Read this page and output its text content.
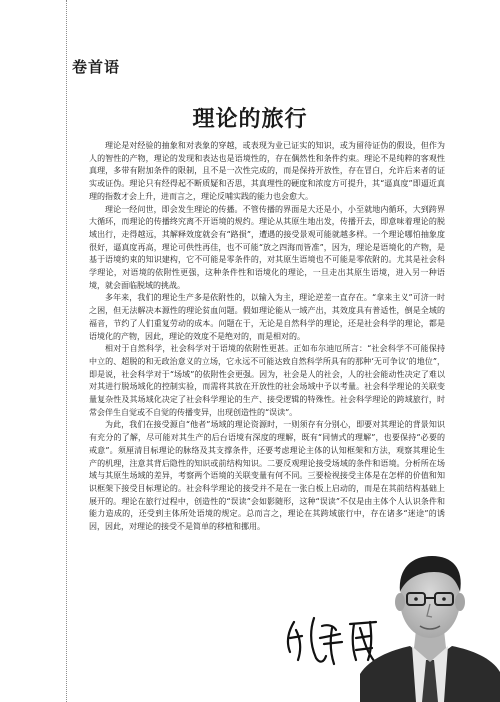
卷首语
理论的旅行

理论是对经验的抽象和对表象的穿越，或表现为业已证实的知识，或为留待证伪的假设，但作为人的智性的产物，理论的发现和表达也是语境性的，存在偶然性和条件约束。理论不是纯粹的客观性真理，多带有附加条件的限制，且不是一次性完成的，而是保持开放性，存在冒白，允许后来者的证实或证伪。理论只有经得起不断质疑和否思，其真理性的硬度和浓度方可提升，其“逼真度”即逼近真理的指数才会上升，进而言之，理论反哺实践的能力也会愈大。

理论一经问世，即会发生理论的传播。不管传播的界面是大还是小，小至就地内循环，大到跨界大循环，而理论的传播终究离不开语境的规约。理论从其原生地出发，传播开去，即意味着理论的脱域出行，走得越远，其解释效度就会有“路损”，遭遇的接受景观可能就越多样。一个理论哪怕抽象度很好，逼真度再高，理论可供性再佳，也不可能“放之四海而皆准”，因为，理论是语境化的产物，是基于语境約束的知识建构，它不可能是零条件的，对其原生语境也不可能是零依附的。尤其是社会科学理论，对语境的依附性更强，这种条件性和语境化的理论，一旦走出其原生语境，进入另一种语境，就会面临脱域的挑战。

多年来，我们的理论生产多是依附性的，以输入为主，理论逆差一直存在。“拿来主义”可济一时之困，但无法解决本源性的理论贫血问题。假如理论能从一域产出，其效度具有普适性，倒是全域的福音，节约了人们重复劳动的成本。问题在于，无论是自然科学的理论，还是社会科学的理论，都是语境化的产物，因此，理论的效度不是绝对的，而是相对的。

相对于自然科学，社会科学对于语境的依附性更甚。正如布尔迪厄所言：“社会科学不可能保持中立的、超脱的和无政治意义的立场，它永远不可能达致自然科学所具有的那种‘无可争议’的地位”，即是说，社会科学对于“场域”的依附性会更强。因为，社会是人的社会，人的社会能动性决定了难以对其进行脱场域化的控制实验，而需将其放在开放性的社会场域中予以考量。社会科学理论的关联变量复杂性及其场域化决定了社会科学理论的生产、接受逻辑的特殊性。社会科学理论的跨域旅行，时常会伴生自觉或不自觉的传播变异，出现创造性的“误读”。

为此，我们在接受源自“他者”场域的理论资源时，一则须存有分别心，即要对其理论的背景知识有充分的了解，尽可能对其生产的后台语境有深度的理解，既有“同情式的理解”，也要保持“必要的戒意”。须厘清目标理论的脉络及其支撑条件，还要考虑理论主体的认知框架和方法，观察其理论生产的机理，注意其背后隐性的知识或前结构知识。二要反观理论接受场域的条件和语境。分析所在场域与其原生场域的差异，考察两个语境的关联变量有何不同。三要检视接受主体是在怎样的价值和知识框架下接受目标理论的。社会科学理论的接受并不是在一张白板上启动的，而是在其前结构基础上展开的。理论在旅行过程中，创造性的“误读”会如影随形，这种“误读”不仅是由主体个人认识条件和能力造成的，还受到主体所处语境的规定。总而言之，理论在其跨域旅行中，存在诸多“迷途”的诱因，因此，对理论的接受不是简单的移植和挪用。
